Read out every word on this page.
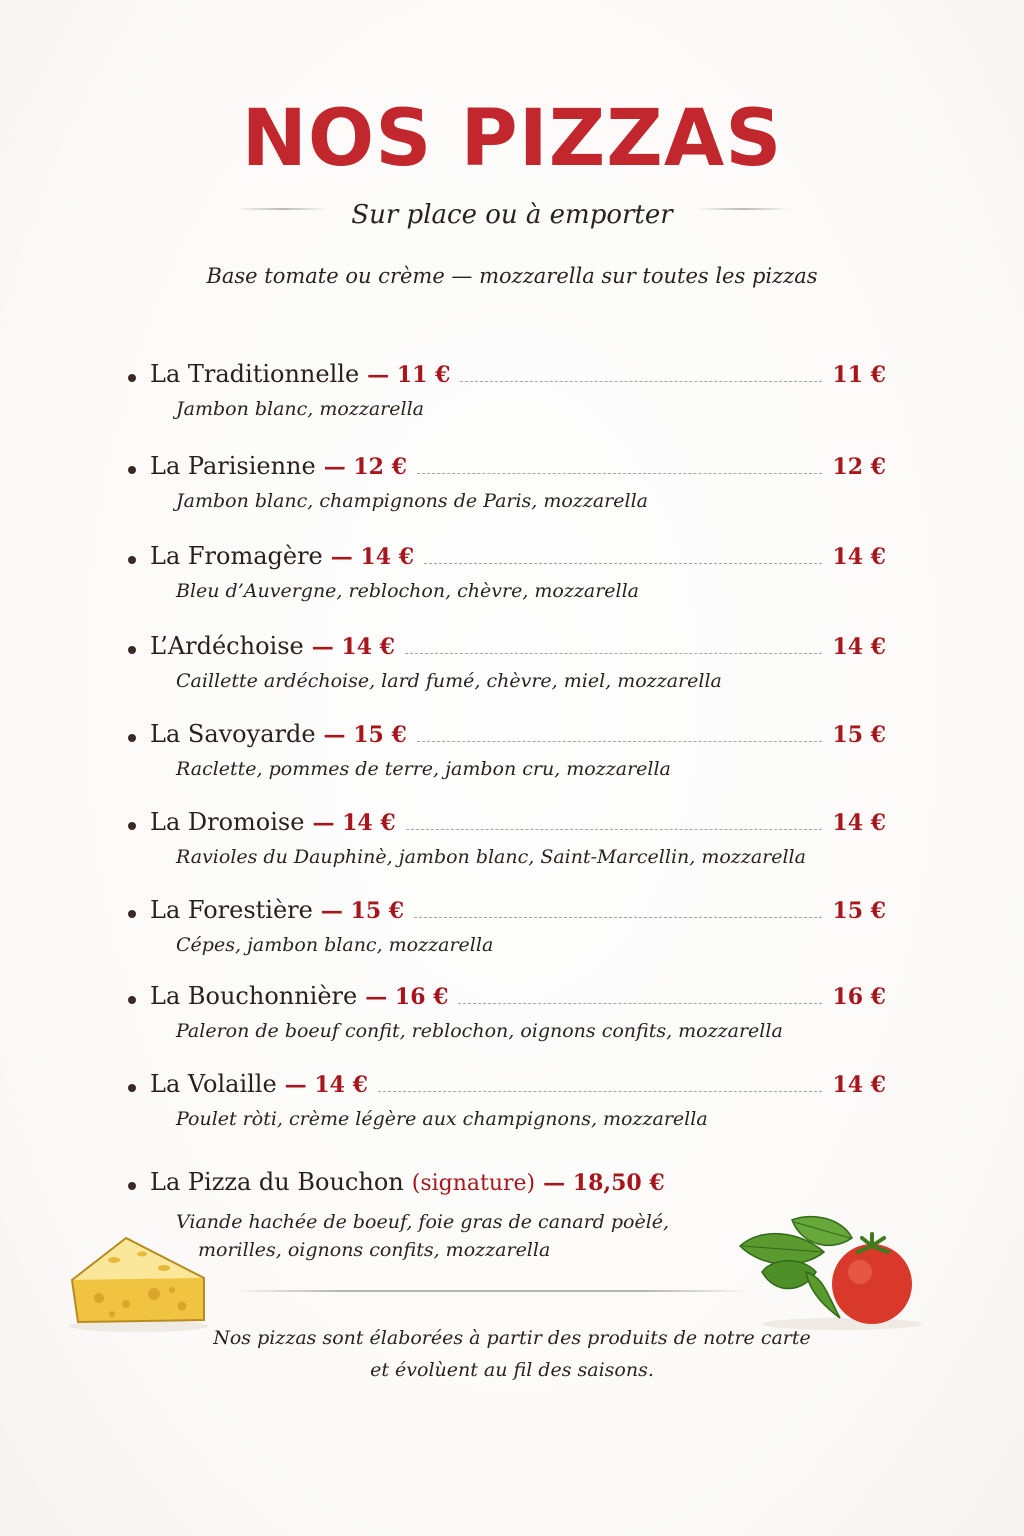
NOS PIZZAS
Sur place ou à emporter
Base tomate ou crème — mozzarella sur toutes les pizzas
La Traditionnelle — 11 €	11 €
Jambon blanc, mozzarella
La Parisienne — 12 €	12 €
Jambon blanc, champignons de Paris, mozzarella
La Fromagère — 14 €	14 €
Bleu d’Auvergne, reblochon, chèvre, mozzarella
L’Ardéchoise — 14 €	14 €
Caillette ardéchoise, lard fumé, chèvre, miel, mozzarella
La Savoyarde — 15 €	15 €
Raclette, pommes de terre, jambon cru, mozzarella
La Dromoise — 14 €	14 €
Ravioles du Dauphinè, jambon blanc, Saint-Marcellin, mozzarella
La Forestière — 15 €	15 €
Cépes, jambon blanc, mozzarella
La Bouchonnière — 16 €	16 €
Paleron de boeuf confit, reblochon, oignons confits, mozzarella
La Volaille — 14 €	14 €
Poulet ròti, crème légère aux champignons, mozzarella
La Pizza du Bouchon (signature) — 18,50 €
Viande hachée de boeuf, foie gras de canard poèlé,
morilles, oignons confits, mozzarella
Nos pizzas sont élaborées à partir des produits de notre carte
et évolùent au fil des saisons.
